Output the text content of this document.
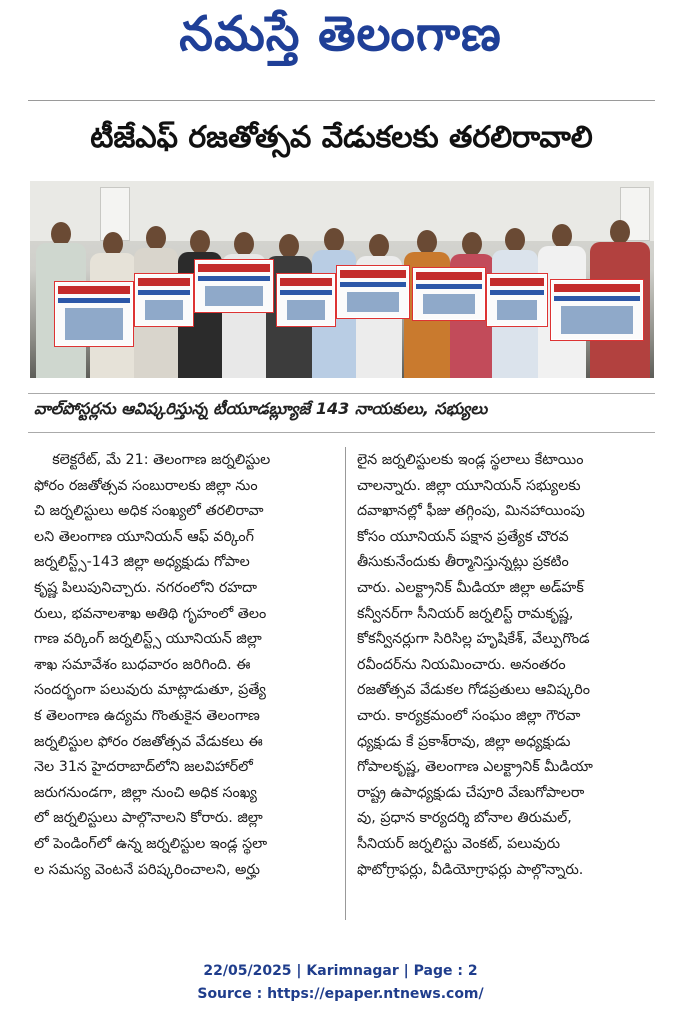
నమస్తే తెలంగాణ
టీజేఎఫ్ రజతోత్సవ వేడుకలకు తరలిరావాలి
వాల్‌పోస్టర్లను ఆవిష్కరిస్తున్న టీయూడబ్ల్యూజే 143 నాయకులు, సభ్యులు
కలెక్టరేట్, మే 21: తెలంగాణ జర్నలిస్టుల
ఫోరం రజతోత్సవ సంబురాలకు జిల్లా నుం
చి జర్నలిస్టులు అధిక సంఖ్యలో తరలిరావా
లని తెలంగాణ యూనియన్ ఆఫ్ వర్కింగ్
జర్నలిస్ట్స్-143 జిల్లా అధ్యక్షుడు గోపాల
కృష్ణ పిలుపునిచ్చారు. నగరంలోని రహదా
రులు, భవనాలశాఖ అతిథి గృహంలో తెలం
గాణ వర్కింగ్ జర్నలిస్ట్స్ యూనియన్ జిల్లా
శాఖ సమావేశం బుధవారం జరిగింది. ఈ
సందర్భంగా పలువురు మాట్లాడుతూ, ప్రత్యే
క తెలంగాణ ఉద్యమ గొంతుకైన తెలంగాణ
జర్నలిస్టుల ఫోరం రజతోత్సవ వేడుకలు ఈ
నెల 31న హైదరాబాద్‌లోని జలవిహార్‌లో
జరుగనుండగా, జిల్లా నుంచి అధిక సంఖ్య
లో జర్నలిస్టులు పాల్గొనాలని కోరారు. జిల్లా
లో పెండింగ్‌లో ఉన్న జర్నలిస్టుల ఇండ్ల స్థలా
ల సమస్య వెంటనే పరిష్కరించాలని, అర్హు
లైన జర్నలిస్టులకు ఇండ్ల స్థలాలు కేటాయిం
చాలన్నారు. జిల్లా యూనియన్ సభ్యులకు
దవాఖానల్లో ఫీజు తగ్గింపు, మినహాయింపు
కోసం యూనియన్ పక్షాన ప్రత్యేక చొరవ
తీసుకునేందుకు తీర్మానిస్తున్నట్లు ప్రకటిం
చారు. ఎలక్ట్రానిక్ మీడియా జిల్లా అడ్‌హక్
కన్వీనర్‌గా సీనియర్ జర్నలిస్ట్ రామకృష్ణ,
కోకన్వీనర్లుగా సిరిసిల్ల హృషికేశ్, వేల్పుగొండ
రవీందర్‌ను నియమించారు. అనంతరం
రజతోత్సవ వేడుకల గోడప్రతులు ఆవిష్కరిం
చారు. కార్యక్రమంలో సంఘం జిల్లా గౌరవా
ధ్యక్షుడు కే ప్రకాశ్‌రావు, జిల్లా అధ్యక్షుడు
గోపాలకృష్ణ, తెలంగాణ ఎలక్ట్రానిక్ మీడియా
రాష్ట్ర ఉపాధ్యక్షుడు చేపూరి వేణుగోపాలరా
వు, ప్రధాన కార్యదర్శి బోనాల తిరుమల్,
సీనియర్ జర్నలిస్టు వెంకట్, పలువురు
ఫొటోగ్రాఫర్లు, వీడియోగ్రాఫర్లు పాల్గొన్నారు.
22/05/2025 | Karimnagar | Page : 2
Source : https://epaper.ntnews.com/
